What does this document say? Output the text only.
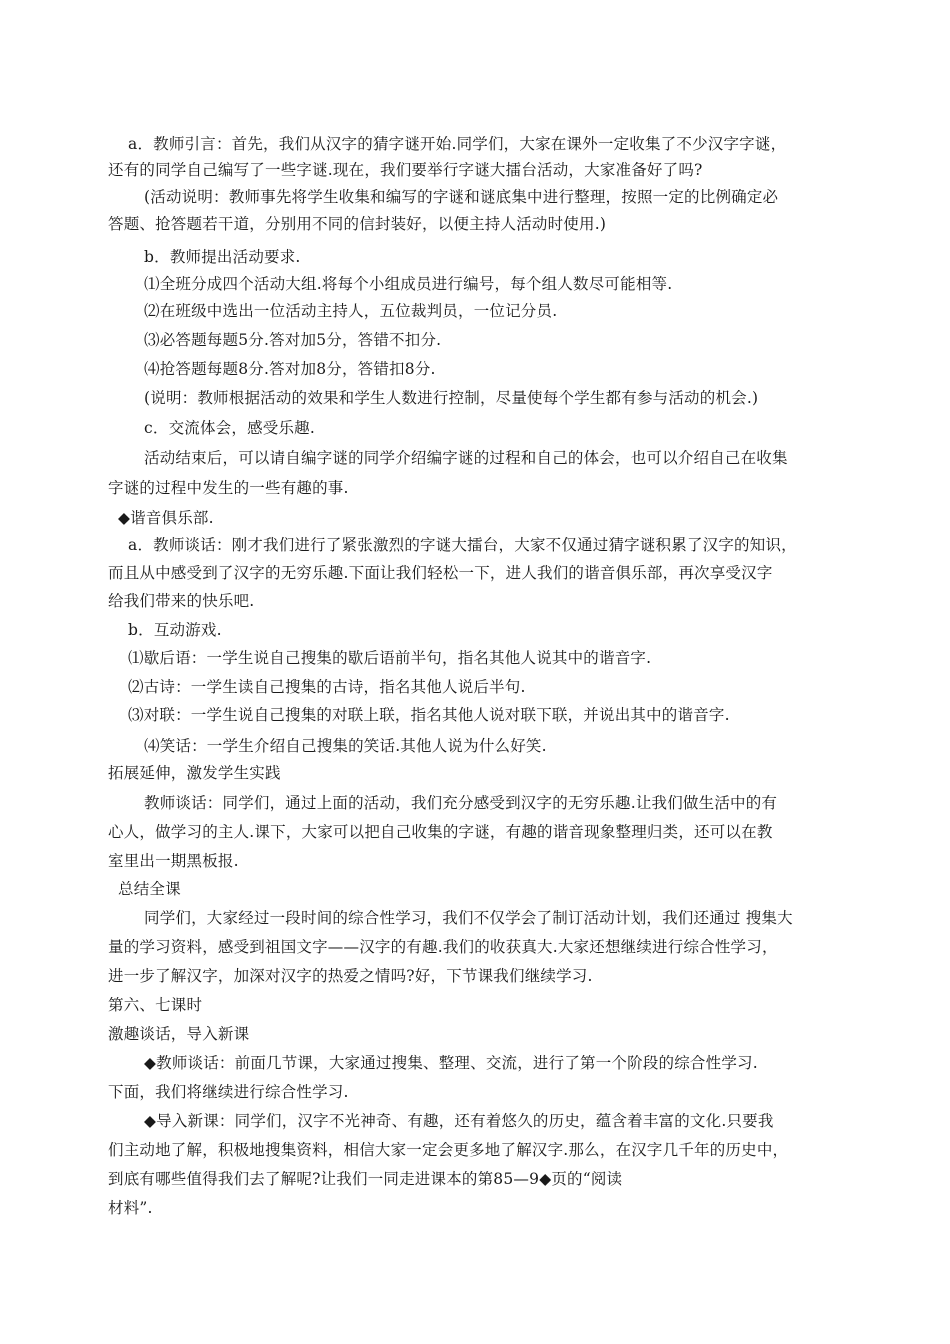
a．教师引言：首先，我们从汉字的猜字谜开始.同学们，大家在课外一定收集了不少汉字字谜，
还有的同学自己编写了一些字谜.现在，我们要举行字谜大擂台活动，大家准备好了吗?
(活动说明：教师事先将学生收集和编写的字谜和谜底集中进行整理，按照一定的比例确定必
答题、抢答题若干道，分别用不同的信封装好，以便主持人活动时使用.)
b．教师提出活动要求.
⑴全班分成四个活动大组.将每个小组成员进行编号，每个组人数尽可能相等.
⑵在班级中选出一位活动主持人，五位裁判员，一位记分员.
⑶必答题每题5分.答对加5分，答错不扣分.
⑷抢答题每题8分.答对加8分，答错扣8分.
(说明：教师根据活动的效果和学生人数进行控制，尽量使每个学生都有参与活动的机会.)
c．交流体会，感受乐趣.
活动结束后，可以请自编字谜的同学介绍编字谜的过程和自己的体会，也可以介绍自己在收集
字谜的过程中发生的一些有趣的事.
◆谐音俱乐部.
a．教师谈话：刚才我们进行了紧张激烈的字谜大擂台，大家不仅通过猜字谜积累了汉字的知识，
而且从中感受到了汉字的无穷乐趣.下面让我们轻松一下，进人我们的谐音俱乐部，再次享受汉字
给我们带来的快乐吧.
b．互动游戏.
⑴歇后语：一学生说自己搜集的歇后语前半句，指名其他人说其中的谐音字.
⑵古诗：一学生读自己搜集的古诗，指名其他人说后半句.
⑶对联：一学生说自己搜集的对联上联，指名其他人说对联下联，并说出其中的谐音字.
⑷笑话：一学生介绍自己搜集的笑话.其他人说为什么好笑.
拓展延伸，激发学生实践
教师谈话：同学们，通过上面的活动，我们充分感受到汉字的无穷乐趣.让我们做生活中的有
心人，做学习的主人.课下，大家可以把自己收集的字谜，有趣的谐音现象整理归类，还可以在教
室里出一期黑板报.
总结全课
同学们，大家经过一段时间的综合性学习，我们不仅学会了制订活动计划，我们还通过 搜集大
量的学习资料，感受到祖国文字——汉字的有趣.我们的收获真大.大家还想继续进行综合性学习，
进一步了解汉字，加深对汉字的热爱之情吗?好，下节课我们继续学习.
第六、七课时
激趣谈话，导入新课
◆教师谈话：前面几节课，大家通过搜集、整理、交流，进行了第一个阶段的综合性学习.
下面，我们将继续进行综合性学习.
◆导入新课：同学们，汉字不光神奇、有趣，还有着悠久的历史，蕴含着丰富的文化.只要我
们主动地了解，积极地搜集资料，相信大家一定会更多地了解汉字.那么，在汉字几千年的历史中，
到底有哪些值得我们去了解呢?让我们一同走进课本的第85—9◆页的“阅读
材料”.
